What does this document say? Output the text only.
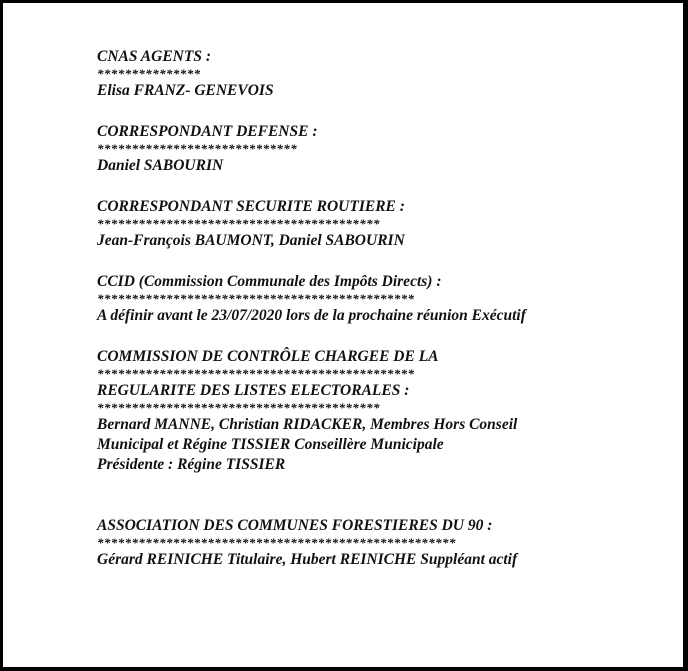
CNAS AGENTS :
***************
Elisa FRANZ- GENEVOIS
CORRESPONDANT DEFENSE :
*****************************
Daniel SABOURIN
CORRESPONDANT SECURITE ROUTIERE :
*****************************************
Jean-François BAUMONT, Daniel SABOURIN
CCID (Commission Communale des Impôts Directs) :
**********************************************
A définir avant le 23/07/2020 lors de la prochaine réunion Exécutif
COMMISSION DE CONTRÔLE CHARGEE DE LA
**********************************************
REGULARITE DES LISTES ELECTORALES :
*****************************************
Bernard MANNE, Christian RIDACKER, Membres Hors Conseil
Municipal et Régine TISSIER Conseillère Municipale
Présidente : Régine TISSIER
ASSOCIATION DES COMMUNES FORESTIERES DU 90 :
****************************************************
Gérard REINICHE Titulaire, Hubert REINICHE Suppléant actif
